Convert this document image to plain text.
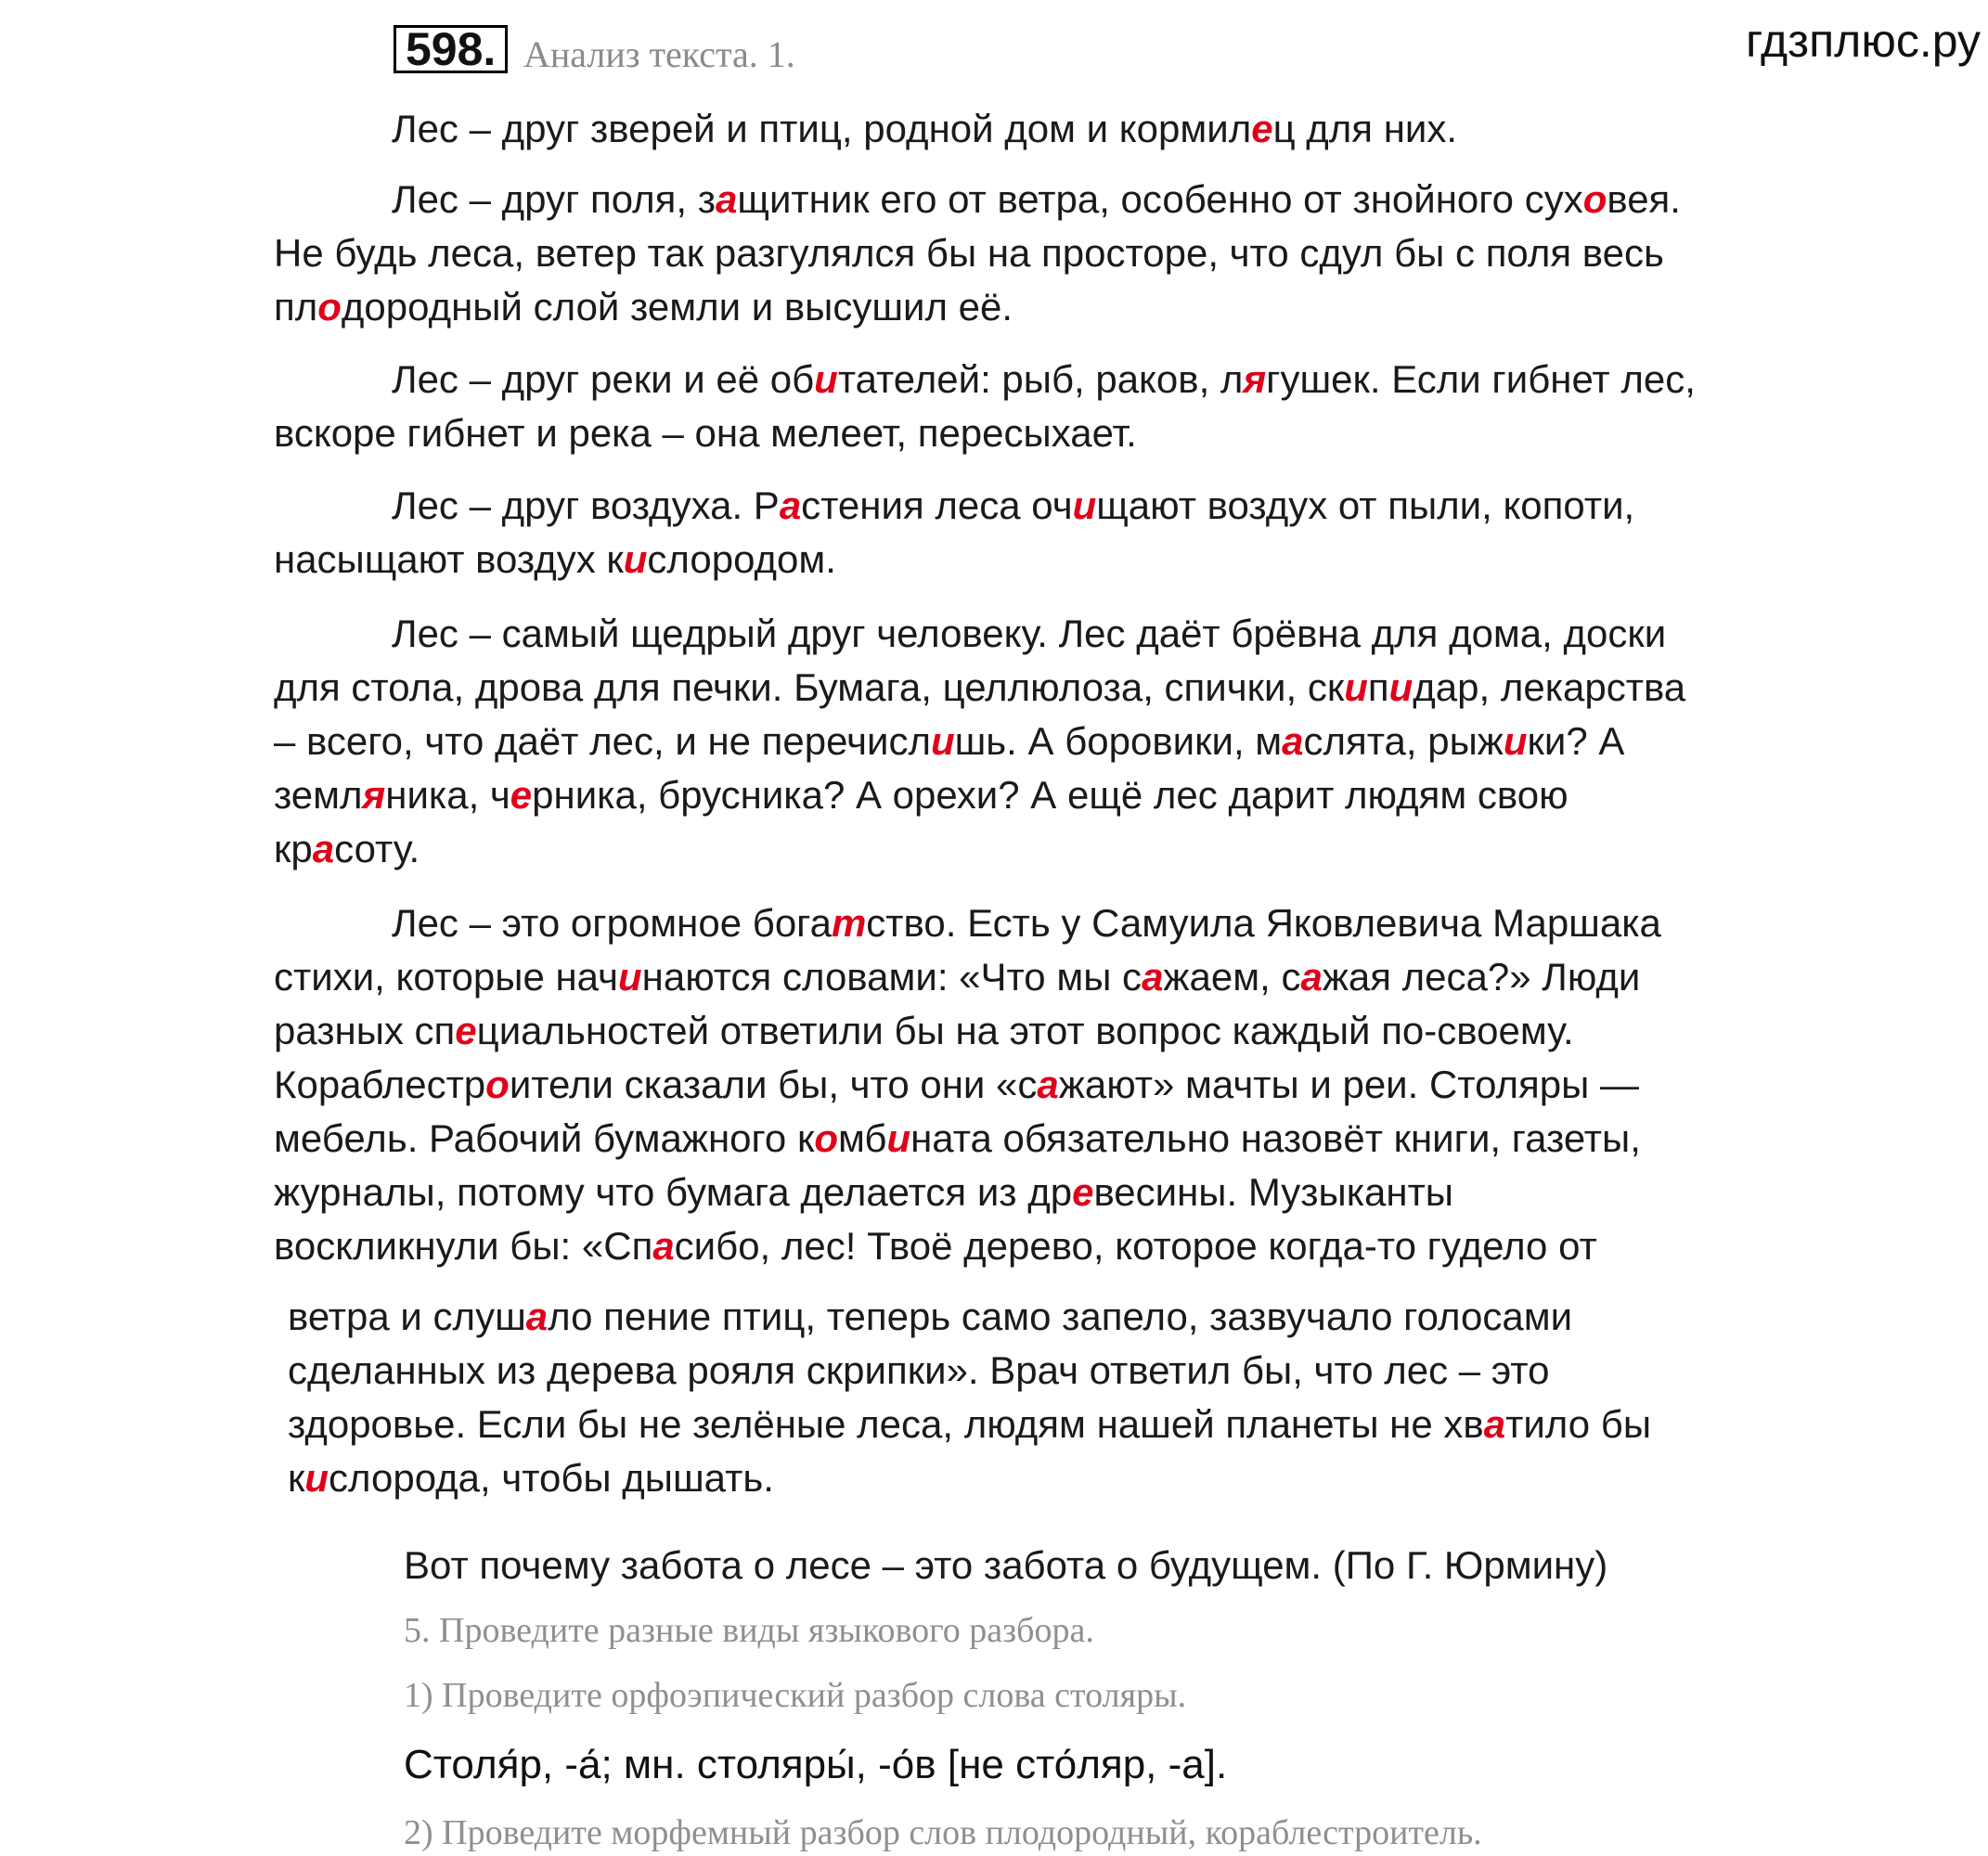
598. Анализ текста. 1.	гдзплюс.ру
Лес – друг зверей и птиц, родной дом и кормилец для них.
Лес – друг поля, защитник его от ветра, особенно от знойного суховея.
Не будь леса, ветер так разгулялся бы на просторе, что сдул бы с поля весь
плодородный слой земли и высушил её.
Лес – друг реки и её обитателей: рыб, раков, лягушек. Если гибнет лес,
вскоре гибнет и река – она мелеет, пересыхает.
Лес – друг воздуха. Растения леса очищают воздух от пыли, копоти,
насыщают воздух кислородом.
Лес – самый щедрый друг человеку. Лес даёт брёвна для дома, доски
для стола, дрова для печки. Бумага, целлюлоза, спички, скипидар, лекарства
– всего, что даёт лес, и не перечислишь. А боровики, маслята, рыжики? А
земляника, черника, брусника? А орехи? А ещё лес дарит людям свою
красоту.
Лес – это огромное богатство. Есть у Самуила Яковлевича Маршака
стихи, которые начинаются словами: «Что мы сажаем, сажая леса?» Люди
разных специальностей ответили бы на этот вопрос каждый по-своему.
Кораблестроители сказали бы, что они «сажают» мачты и реи. Столяры —
мебель. Рабочий бумажного комбината обязательно назовёт книги, газеты,
журналы, потому что бумага делается из древесины. Музыканты
воскликнули бы: «Спасибо, лес! Твоё дерево, которое когда-то гудело от
ветра и слушало пение птиц, теперь само запело, зазвучало голосами
сделанных из дерева рояля скрипки». Врач ответил бы, что лес – это
здоровье. Если бы не зелёные леса, людям нашей планеты не хватило бы
кислорода, чтобы дышать.
Вот почему забота о лесе – это забота о будущем. (По Г. Юрмину)
5. Проведите разные виды языкового разбора.
1) Проведите орфоэпический разбор слова столяры.
Столя́р, -а́; мн. столяры́, -о́в [не сто́ляр, -а].
2) Проведите морфемный разбор слов плодородный, кораблестроитель.
